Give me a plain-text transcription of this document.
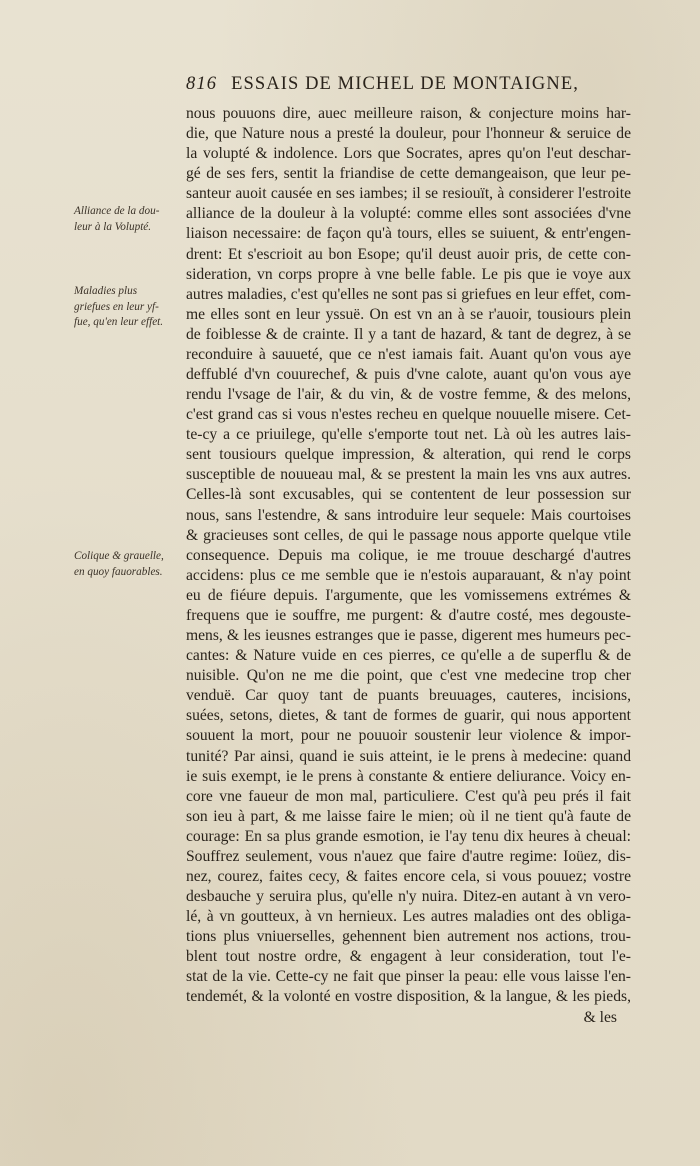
816 ESSAIS DE MICHEL DE MONTAIGNE,
Alliance de la dou-
leur à la Volupté.
Maladies plus
griefues en leur yf-
fue, qu'en leur effet.
Colique & grauelle,
en quoy fauorables.
nous pouuons dire, auec meilleure raison, & conjecture moins har-
die, que Nature nous a presté la douleur, pour l'honneur & seruice de
la volupté & indolence. Lors que Socrates, apres qu'on l'eut deschar-
gé de ses fers, sentit la friandise de cette demangeaison, que leur pe-
santeur auoit causée en ses iambes; il se resiouït, à considerer l'estroite
alliance de la douleur à la volupté: comme elles sont associées d'vne
liaison necessaire: de façon qu'à tours, elles se suiuent, & entr'engen-
drent: Et s'escrioit au bon Esope; qu'il deust auoir pris, de cette con-
sideration, vn corps propre à vne belle fable. Le pis que ie voye aux
autres maladies, c'est qu'elles ne sont pas si griefues en leur effet, com-
me elles sont en leur yssuë. On est vn an à se r'auoir, tousiours plein
de foiblesse & de crainte. Il y a tant de hazard, & tant de degrez, à se
reconduire à sauueté, que ce n'est iamais fait. Auant qu'on vous aye
deffublé d'vn couurechef, & puis d'vne calote, auant qu'on vous aye
rendu l'vsage de l'air, & du vin, & de vostre femme, & des melons,
c'est grand cas si vous n'estes recheu en quelque nouuelle misere. Cet-
te-cy a ce priuilege, qu'elle s'emporte tout net. Là où les autres lais-
sent tousiours quelque impression, & alteration, qui rend le corps
susceptible de nouueau mal, & se prestent la main les vns aux autres.
Celles-là sont excusables, qui se contentent de leur possession sur
nous, sans l'estendre, & sans introduire leur sequele: Mais courtoises
& gracieuses sont celles, de qui le passage nous apporte quelque vtile
consequence. Depuis ma colique, ie me trouue deschargé d'autres
accidens: plus ce me semble que ie n'estois auparauant, & n'ay point
eu de fiéure depuis. I'argumente, que les vomissemens extrémes &
frequens que ie souffre, me purgent: & d'autre costé, mes degouste-
mens, & les ieusnes estranges que ie passe, digerent mes humeurs pec-
cantes: & Nature vuide en ces pierres, ce qu'elle a de superflu & de
nuisible. Qu'on ne me die point, que c'est vne medecine trop cher
venduë. Car quoy tant de puants breuuages, cauteres, incisions,
suées, setons, dietes, & tant de formes de guarir, qui nous apportent
souuent la mort, pour ne pouuoir soustenir leur violence & impor-
tunité? Par ainsi, quand ie suis atteint, ie le prens à medecine: quand
ie suis exempt, ie le prens à constante & entiere deliurance. Voicy en-
core vne faueur de mon mal, particuliere. C'est qu'à peu prés il fait
son ieu à part, & me laisse faire le mien; où il ne tient qu'à faute de
courage: En sa plus grande esmotion, ie l'ay tenu dix heures à cheual:
Souffrez seulement, vous n'auez que faire d'autre regime: Ioüez, dis-
nez, courez, faites cecy, & faites encore cela, si vous pouuez; vostre
desbauche y seruira plus, qu'elle n'y nuira. Ditez-en autant à vn vero-
lé, à vn goutteux, à vn hernieux. Les autres maladies ont des obliga-
tions plus vniuerselles, gehennent bien autrement nos actions, trou-
blent tout nostre ordre, & engagent à leur consideration, tout l'e-
stat de la vie. Cette-cy ne fait que pinser la peau: elle vous laisse l'en-
tendemét, & la volonté en vostre disposition, & la langue, & les pieds,
& les
